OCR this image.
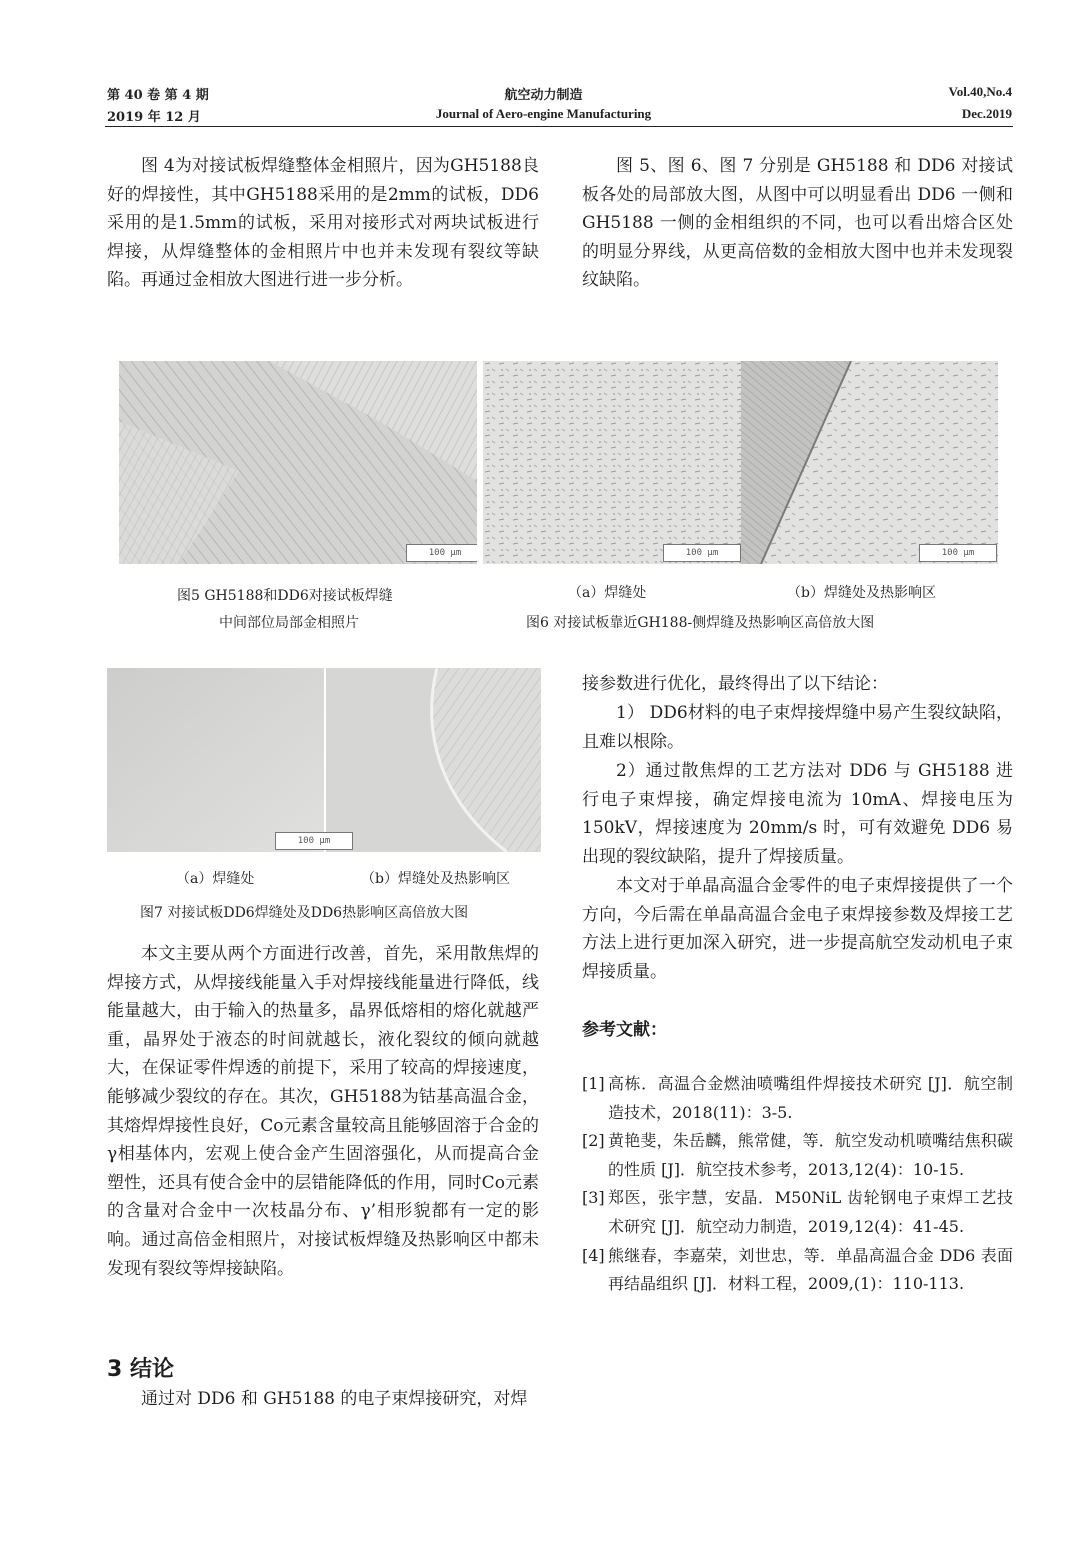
第 40 卷 第 4 期
2019 年 12 月
航空动力制造
Journal of Aero-engine Manufacturing
Vol.40,No.4
Dec.2019
图 4为对接试板焊缝整体金相照片，因为GH5188良好的焊接性，其中GH5188采用的是2mm的试板，DD6采用的是1.5mm的试板，采用对接形式对两块试板进行焊接，从焊缝整体的金相照片中也并未发现有裂纹等缺陷。再通过金相放大图进行进一步分析。
图 5、图 6、图 7 分别是 GH5188 和 DD6 对接试板各处的局部放大图，从图中可以明显看出 DD6 一侧和 GH5188 一侧的金相组织的不同，也可以看出熔合区处的明显分界线，从更高倍数的金相放大图中也并未发现裂纹缺陷。
100 μm	100 μm	100 μm
图5 GH5188和DD6对接试板焊缝
中间部位局部金相照片
（a）焊缝处	（b）焊缝处及热影响区
图6 对接试板靠近GH188-侧焊缝及热影响区高倍放大图
100 μm
（a）焊缝处	（b）焊缝处及热影响区
图7 对接试板DD6焊缝处及DD6热影响区高倍放大图
本文主要从两个方面进行改善，首先，采用散焦焊的焊接方式，从焊接线能量入手对焊接线能量进行降低，线能量越大，由于输入的热量多，晶界低熔相的熔化就越严重，晶界处于液态的时间就越长，液化裂纹的倾向就越大，在保证零件焊透的前提下，采用了较高的焊接速度，能够减少裂纹的存在。其次，GH5188为钴基高温合金，其熔焊焊接性良好，Co元素含量较高且能够固溶于合金的γ相基体内，宏观上使合金产生固溶强化，从而提高合金塑性，还具有使合金中的层错能降低的作用，同时Co元素的含量对合金中一次枝晶分布、γ’相形貌都有一定的影响。通过高倍金相照片，对接试板焊缝及热影响区中都未发现有裂纹等焊接缺陷。
3 结论
通过对 DD6 和 GH5188 的电子束焊接研究，对焊
接参数进行优化，最终得出了以下结论：
1） DD6材料的电子束焊接焊缝中易产生裂纹缺陷，且难以根除。
2）通过散焦焊的工艺方法对 DD6 与 GH5188 进行电子束焊接，确定焊接电流为 10mA、焊接电压为150kV，焊接速度为 20mm/s 时，可有效避免 DD6 易出现的裂纹缺陷，提升了焊接质量。
本文对于单晶高温合金零件的电子束焊接提供了一个方向，今后需在单晶高温合金电子束焊接参数及焊接工艺方法上进行更加深入研究，进一步提高航空发动机电子束焊接质量。
参考文献：
[1] 高栋．高温合金燃油喷嘴组件焊接技术研究 [J]．航空制造技术，2018(11)：3-5.
[2] 黄艳斐，朱岳麟，熊常健，等．航空发动机喷嘴结焦积碳的性质 [J]．航空技术参考，2013,12(4)：10-15.
[3] 郑医，张宇慧，安晶．M50NiL 齿轮钢电子束焊工艺技术研究 [J]．航空动力制造，2019,12(4)：41-45.
[4] 熊继春，李嘉荣，刘世忠，等．单晶高温合金 DD6 表面再结晶组织 [J]．材料工程，2009,(1)：110-113.
